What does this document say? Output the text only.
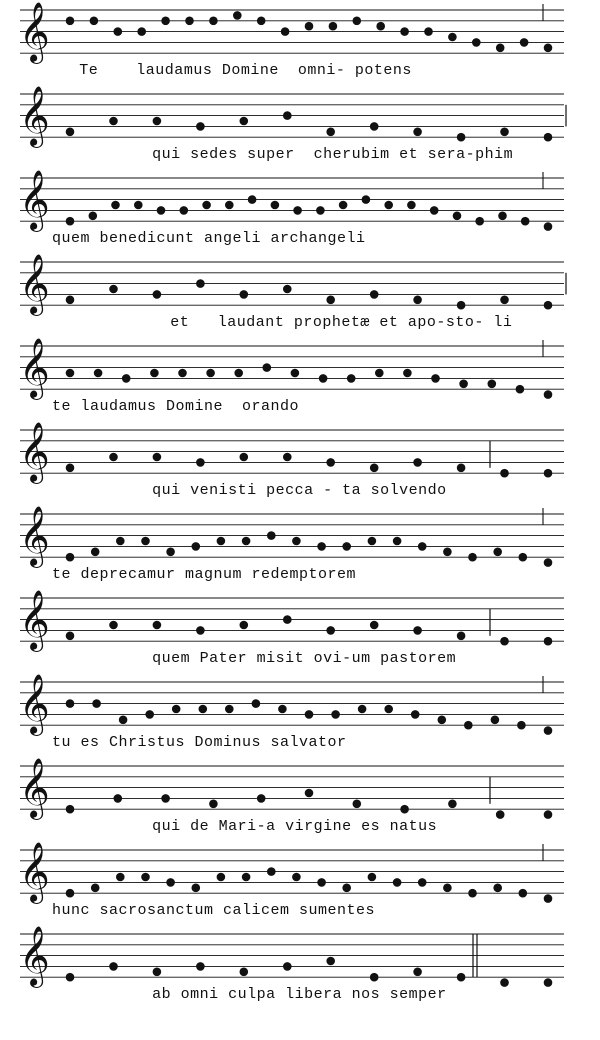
𝄞
Te    laudamus Domine  omni- potens
𝄞
qui sedes super  cherubim et sera-phim
𝄞
quem benedicunt angeli archangeli
𝄞
et   laudant prophetæ et apo-sto- li
𝄞
te laudamus Domine  orando
𝄞
qui venisti pecca - ta solvendo
𝄞
te deprecamur magnum redemptorem
𝄞
quem Pater misit ovi-um pastorem
𝄞
tu es Christus Dominus salvator
𝄞
qui de Mari-a virgine es natus
𝄞
hunc sacrosanctum calicem sumentes
𝄞
ab omni culpa libera nos semper
